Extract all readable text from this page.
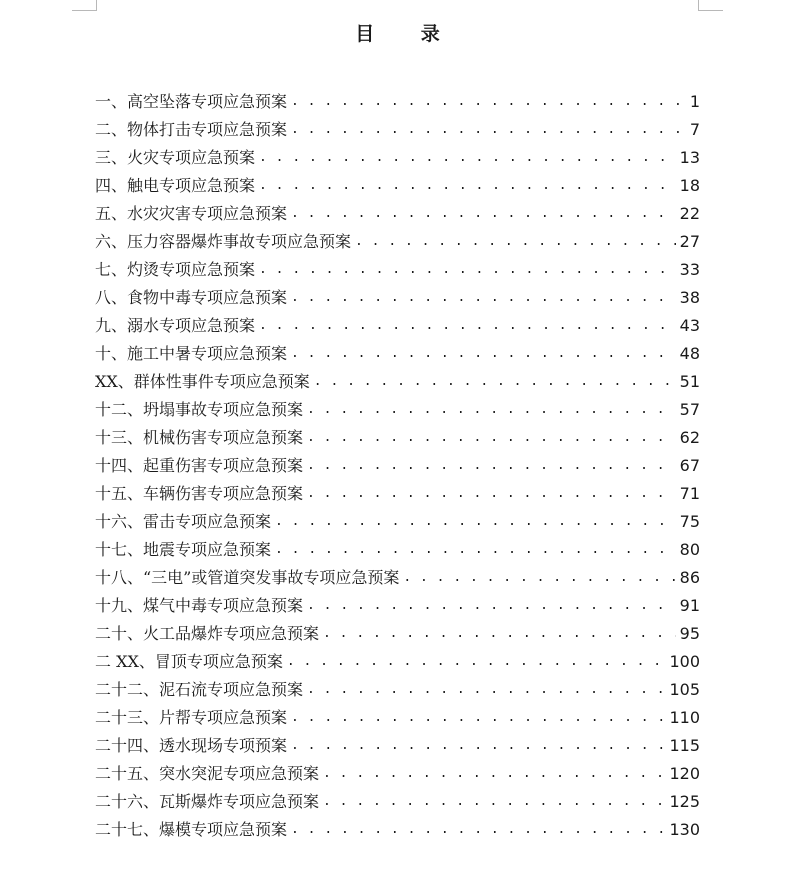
目 录
一、高空坠落专项应急预案 . . .	1
二、物体打击专项应急预案 . . .	7
三、火灾专项应急预案 . . .	13
四、触电专项应急预案 . . .	18
五、水灾灾害专项应急预案 . . .	22
六、压力容器爆炸事故专项应急预案 . . .	27
七、灼烫专项应急预案 . . .	33
八、食物中毒专项应急预案 . . .	38
九、溺水专项应急预案 . . .	43
十、施工中暑专项应急预案 . . .	48
XX、群体性事件专项应急预案 . . .	51
十二、坍塌事故专项应急预案 . . .	57
十三、机械伤害专项应急预案 . . .	62
十四、起重伤害专项应急预案 . . .	67
十五、车辆伤害专项应急预案 . . .	71
十六、雷击专项应急预案 . . .	75
十七、地震专项应急预案 . . .	80
十八、“三电”或管道突发事故专项应急预案 . . .	86
十九、煤气中毒专项应急预案 . . .	91
二十、火工品爆炸专项应急预案 . . .	95
二 XX、冒顶专项应急预案 . . .	100
二十二、泥石流专项应急预案 . . .	105
二十三、片帮专项应急预案 . . .	110
二十四、透水现场专项预案 . . .	115
二十五、突水突泥专项应急预案 . . .	120
二十六、瓦斯爆炸专项应急预案 . . .	125
二十七、爆模专项应急预案 . . .	130
